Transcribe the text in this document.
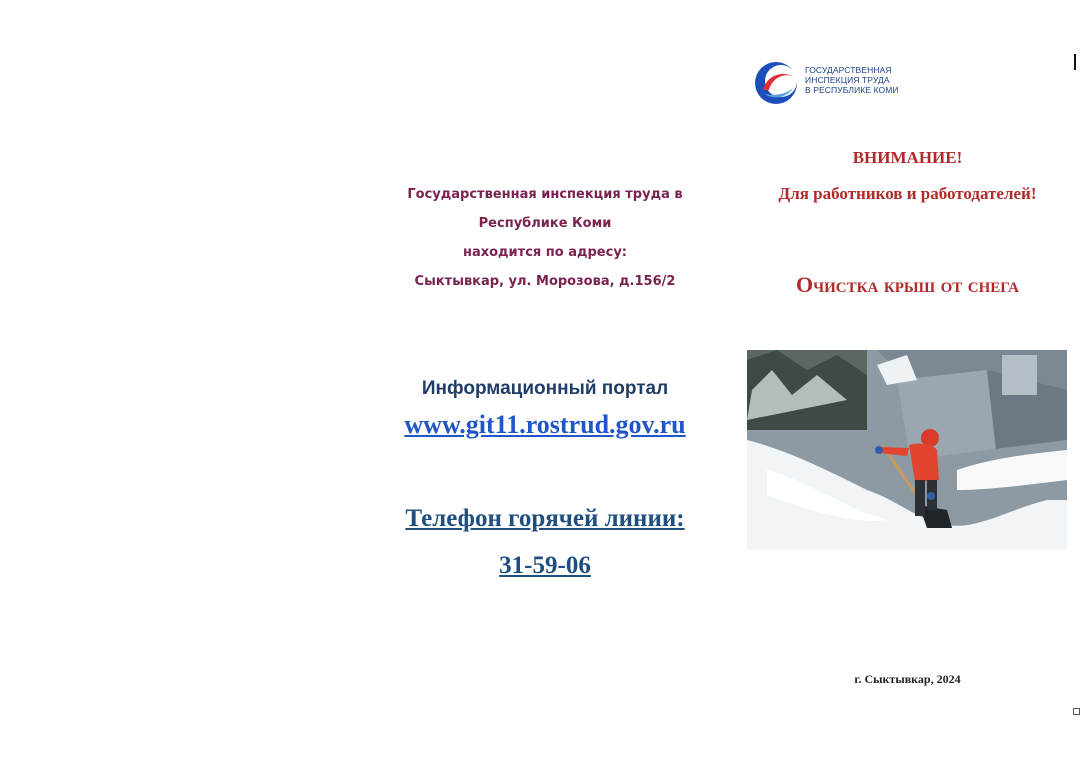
Государственная инспекция труда в
Республике Коми
находится по адресу:
Сыктывкар, ул. Морозова, д.156/2
Информационный портал
www.git11.rostrud.gov.ru
Телефон горячей линии:
31-59-06
ГОСУДАРСТВЕННАЯ
ИНСПЕКЦИЯ ТРУДА
В РЕСПУБЛИКЕ КОМИ
ВНИМАНИЕ!
Для работников и работодателей!
Очистка крыш от снега
г. Сыктывкар, 2024
